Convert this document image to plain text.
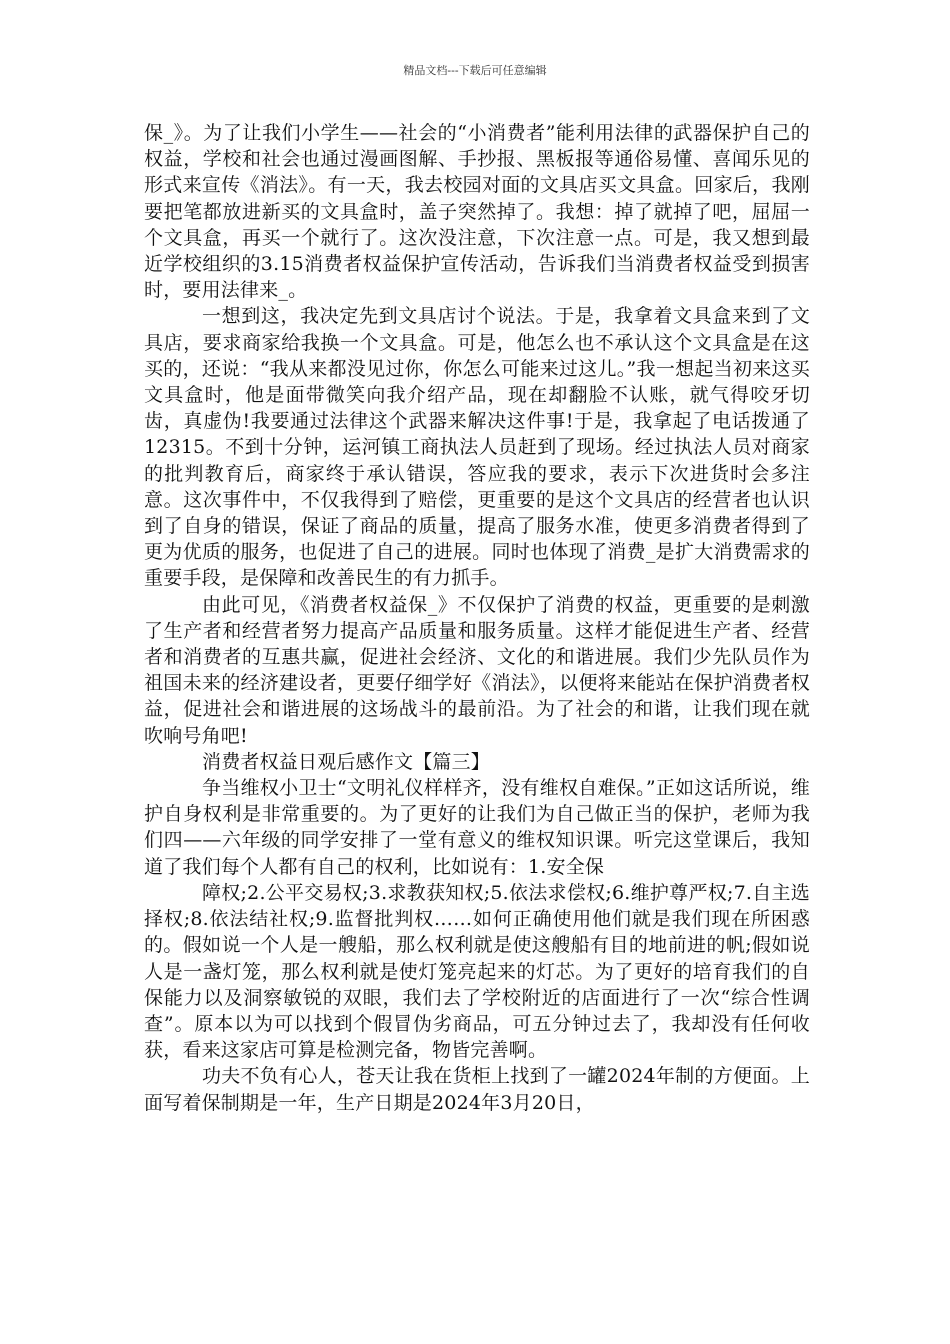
精品文档---下载后可任意编辑

保_》。为了让我们小学生——社会的“小消费者”能利用法律的武器保护自己的权益，学校和社会也通过漫画图解、手抄报、黑板报等通俗易懂、喜闻乐见的形式来宣传《消法》。有一天，我去校园对面的文具店买文具盒。回家后，我刚要把笔都放进新买的文具盒时，盖子突然掉了。我想：掉了就掉了吧，屈屈一个文具盒，再买一个就行了。这次没注意，下次注意一点。可是，我又想到最近学校组织的3.15消费者权益保护宣传活动，告诉我们当消费者权益受到损害时，要用法律来_。

一想到这，我决定先到文具店讨个说法。于是，我拿着文具盒来到了文具店，要求商家给我换一个文具盒。可是，他怎么也不承认这个文具盒是在这买的，还说：“我从来都没见过你，你怎么可能来过这儿。”我一想起当初来这买文具盒时，他是面带微笑向我介绍产品，现在却翻脸不认账，就气得咬牙切齿，真虚伪!我要通过法律这个武器来解决这件事!于是，我拿起了电话拨通了12315。不到十分钟，运河镇工商执法人员赶到了现场。经过执法人员对商家的批判教育后，商家终于承认错误，答应我的要求，表示下次进货时会多注意。这次事件中，不仅我得到了赔偿，更重要的是这个文具店的经营者也认识到了自身的错误，保证了商品的质量，提高了服务水准，使更多消费者得到了更为优质的服务，也促进了自己的进展。同时也体现了消费_是扩大消费需求的重要手段，是保障和改善民生的有力抓手。

由此可见，《消费者权益保_》不仅保护了消费的权益，更重要的是刺激了生产者和经营者努力提高产品质量和服务质量。这样才能促进生产者、经营者和消费者的互惠共赢，促进社会经济、文化的和谐进展。我们少先队员作为祖国未来的经济建设者，更要仔细学好《消法》，以便将来能站在保护消费者权益，促进社会和谐进展的这场战斗的最前沿。为了社会的和谐，让我们现在就吹响号角吧!

消费者权益日观后感作文【篇三】

争当维权小卫士“文明礼仪样样齐，没有维权自难保。”正如这话所说，维护自身权利是非常重要的。为了更好的让我们为自己做正当的保护，老师为我们四——六年级的同学安排了一堂有意义的维权知识课。听完这堂课后，我知道了我们每个人都有自己的权利，比如说有：1.安全保

障权;2.公平交易权;3.求教获知权;5.依法求偿权;6.维护尊严权;7.自主选择权;8.依法结社权;9.监督批判权……如何正确使用他们就是我们现在所困惑的。假如说一个人是一艘船，那么权利就是使这艘船有目的地前进的帆;假如说人是一盏灯笼，那么权利就是使灯笼亮起来的灯芯。为了更好的培育我们的自保能力以及洞察敏锐的双眼，我们去了学校附近的店面进行了一次“综合性调查”。原本以为可以找到个假冒伪劣商品，可五分钟过去了，我却没有任何收获，看来这家店可算是检测完备，物皆完善啊。

功夫不负有心人，苍天让我在货柜上找到了一罐2024年制的方便面。上面写着保制期是一年，生产日期是2024年3月20日，
